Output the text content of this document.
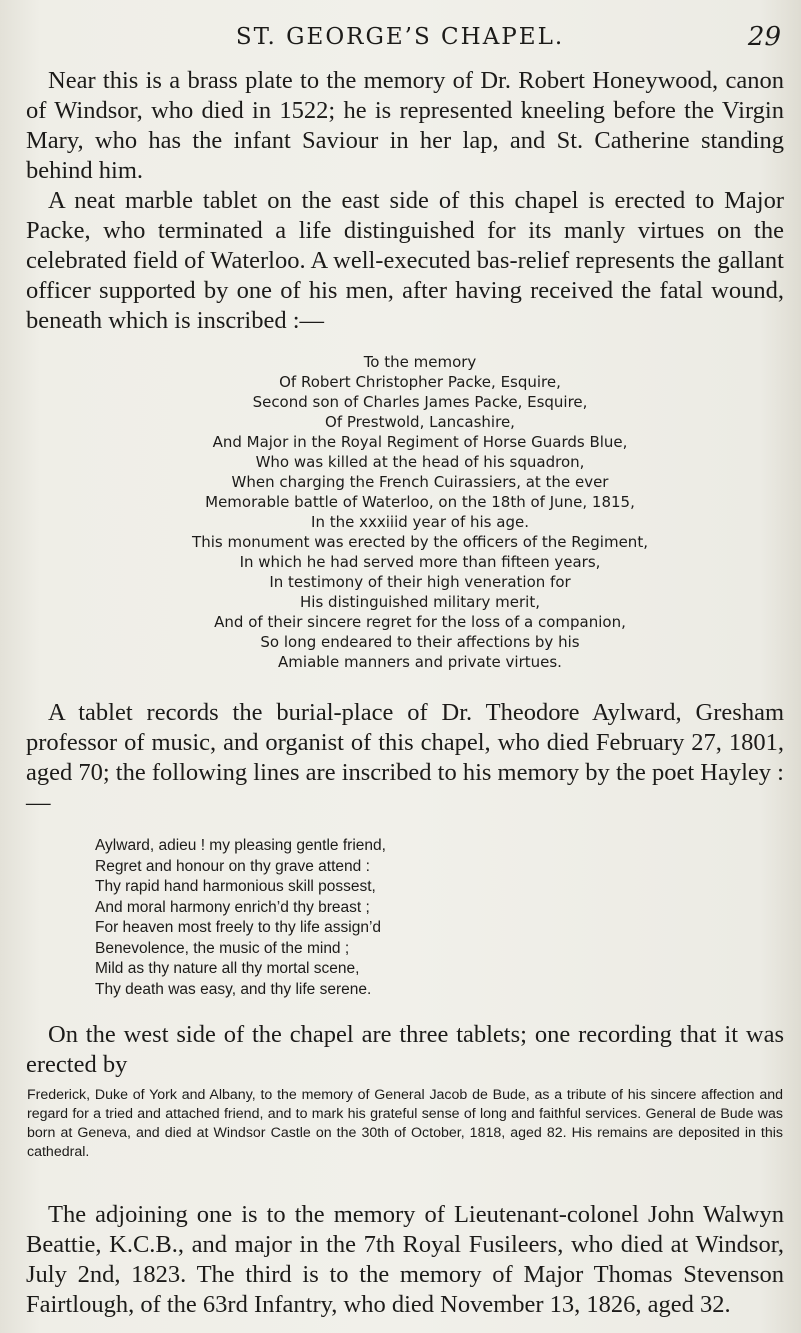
ST. GEORGE’S CHAPEL.	29

Near this is a brass plate to the memory of Dr. Robert Honeywood, canon of Windsor, who died in 1522; he is represented kneeling before the Virgin Mary, who has the infant Saviour in her lap, and St. Catherine standing behind him.

A neat marble tablet on the east side of this chapel is erected to Major Packe, who terminated a life distinguished for its manly virtues on the celebrated field of Waterloo. A well-executed bas-relief represents the gallant officer supported by one of his men, after having received the fatal wound, beneath which is inscribed :—

To the memory
Of Robert Christopher Packe, Esquire,
Second son of Charles James Packe, Esquire,
Of Prestwold, Lancashire,
And Major in the Royal Regiment of Horse Guards Blue,
Who was killed at the head of his squadron,
When charging the French Cuirassiers, at the ever
Memorable battle of Waterloo, on the 18th of June, 1815,
In the xxxiiid year of his age.
This monument was erected by the officers of the Regiment,
In which he had served more than fifteen years,
In testimony of their high veneration for
His distinguished military merit,
And of their sincere regret for the loss of a companion,
So long endeared to their affections by his
Amiable manners and private virtues.

A tablet records the burial-place of Dr. Theodore Aylward, Gresham professor of music, and organist of this chapel, who died February 27, 1801, aged 70; the following lines are inscribed to his memory by the poet Hayley :—

Aylward, adieu ! my pleasing gentle friend,
Regret and honour on thy grave attend :
Thy rapid hand harmonious skill possest,
And moral harmony enrich’d thy breast ;
For heaven most freely to thy life assign’d
Benevolence, the music of the mind ;
Mild as thy nature all thy mortal scene,
Thy death was easy, and thy life serene.

On the west side of the chapel are three tablets; one recording that it was erected by

Frederick, Duke of York and Albany, to the memory of General Jacob de Bude, as a tribute of his sincere affection and regard for a tried and attached friend, and to mark his grateful sense of long and faithful services. General de Bude was born at Geneva, and died at Windsor Castle on the 30th of October, 1818, aged 82. His remains are deposited in this cathedral.

The adjoining one is to the memory of Lieutenant-colonel John Walwyn Beattie, K.C.B., and major in the 7th Royal Fusileers, who died at Windsor, July 2nd, 1823. The third is to the memory of Major Thomas Stevenson Fairtlough, of the 63rd Infantry, who died November 13, 1826, aged 32.
